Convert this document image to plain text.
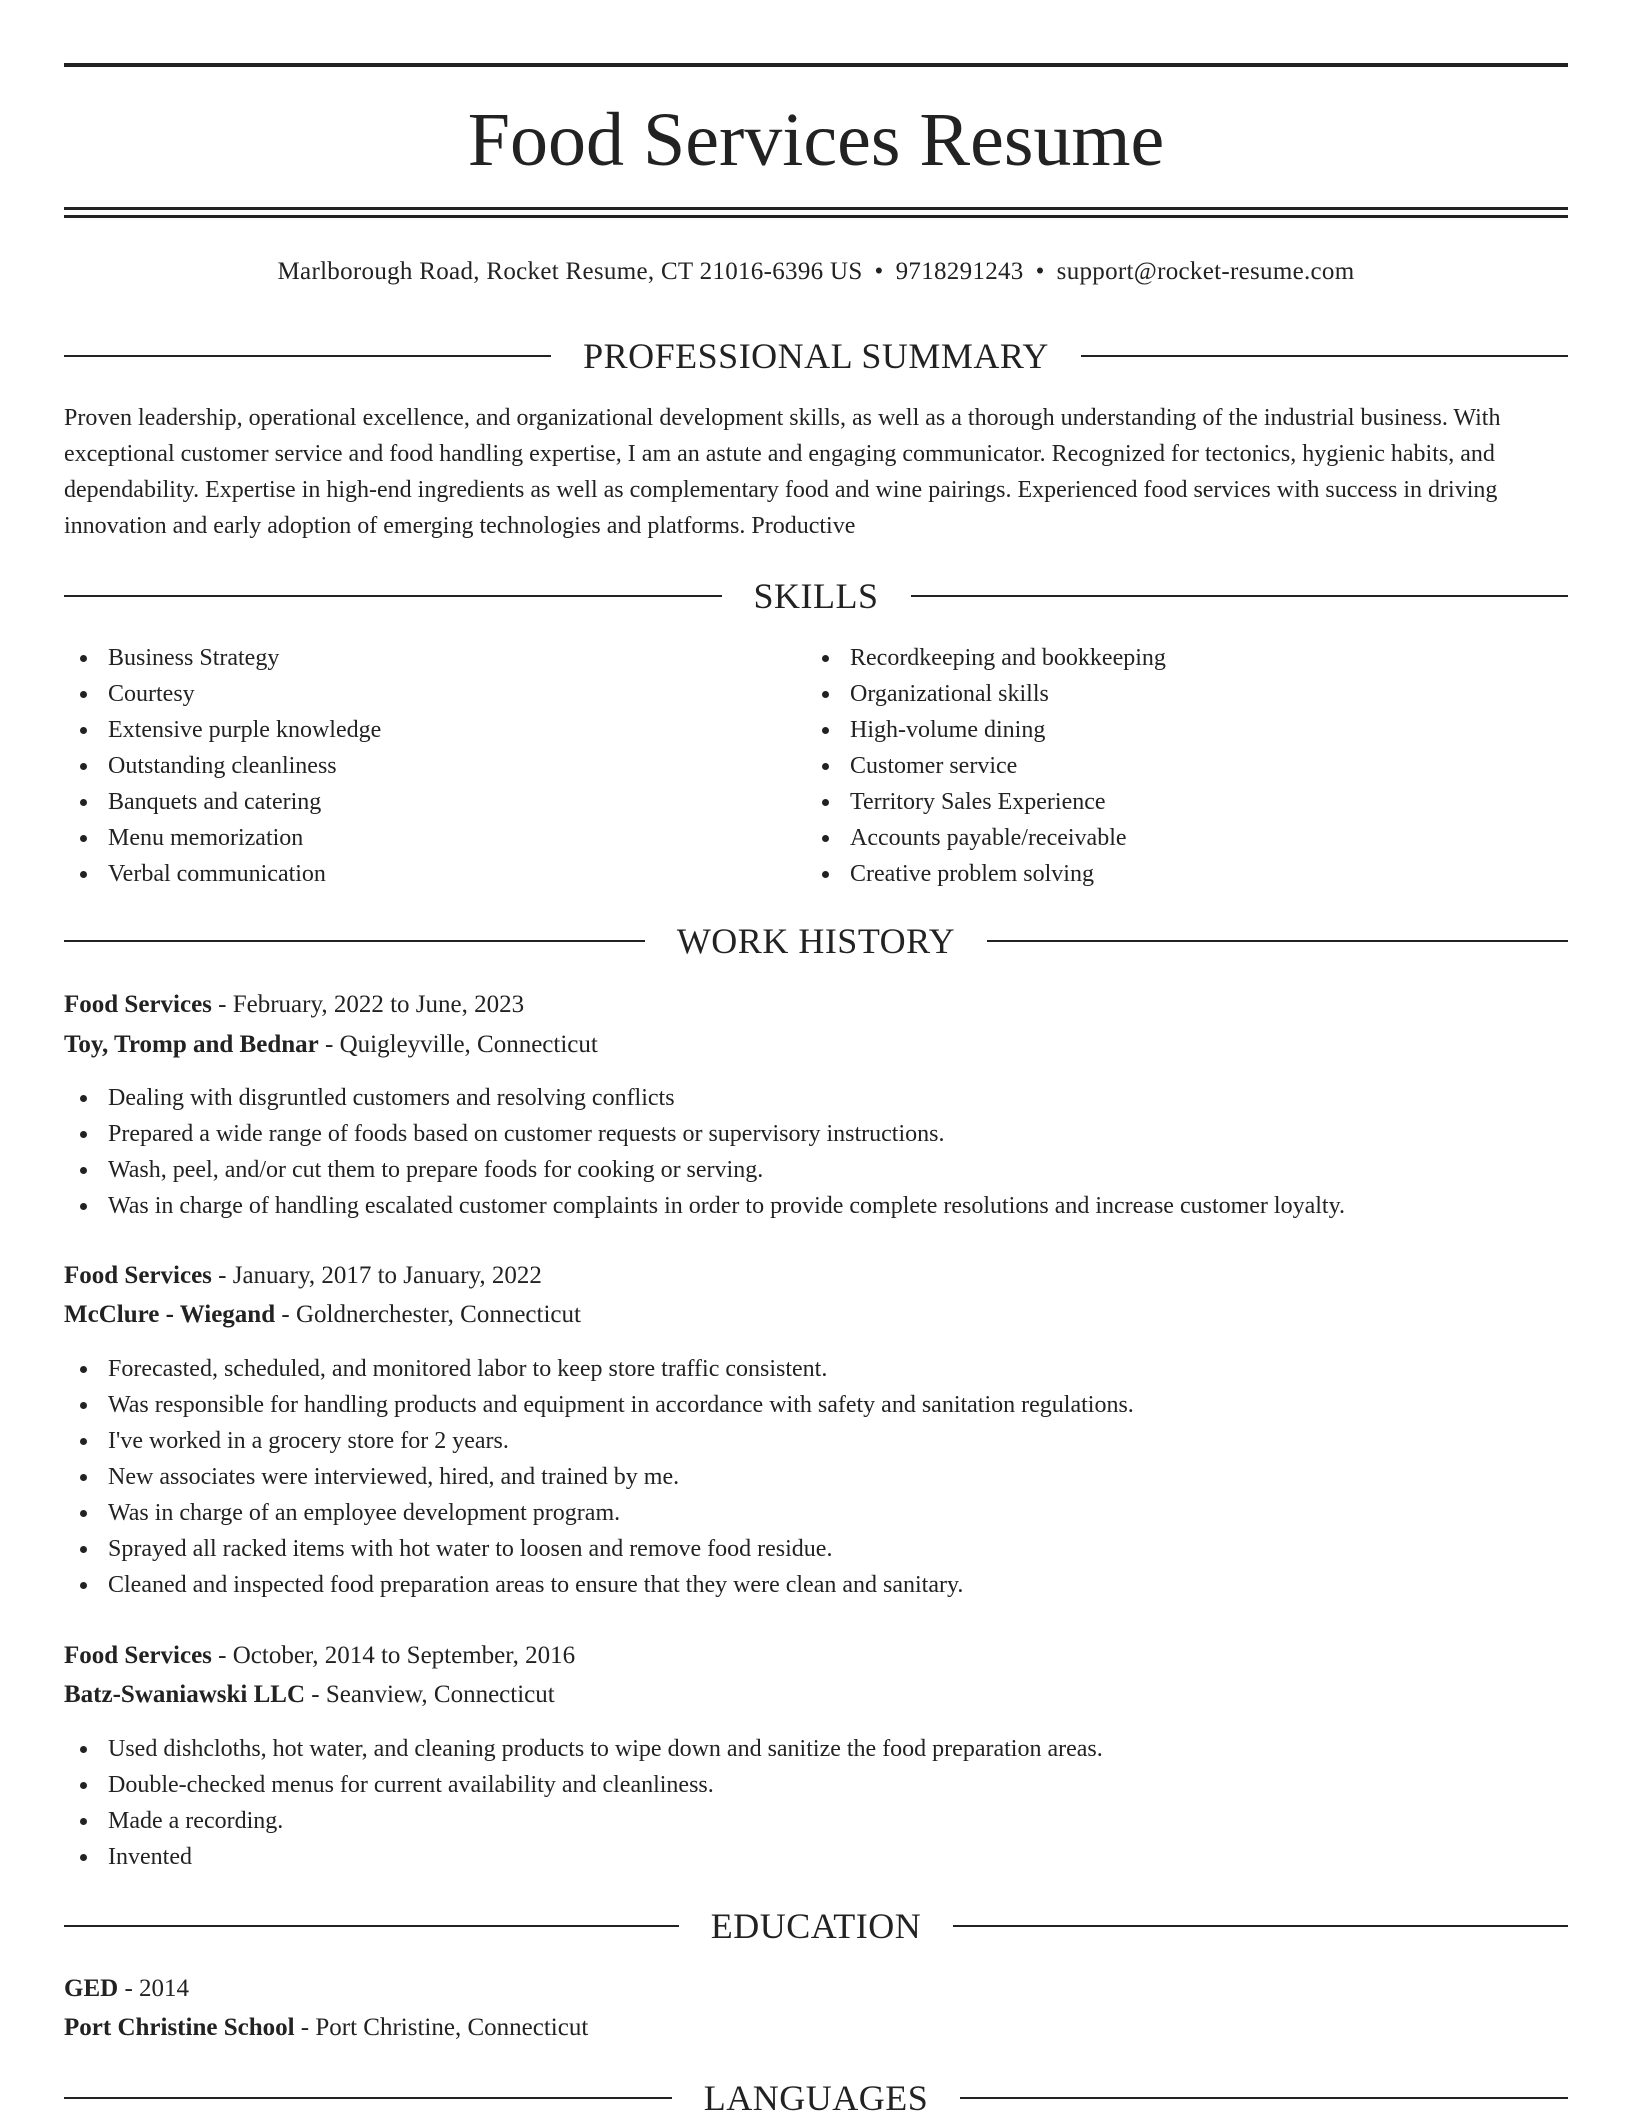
Food Services Resume
Marlborough Road, Rocket Resume, CT 21016-6396 US • 9718291243 • support@rocket-resume.com
PROFESSIONAL SUMMARY
Proven leadership, operational excellence, and organizational development skills, as well as a thorough understanding of the industrial business. With exceptional customer service and food handling expertise, I am an astute and engaging communicator. Recognized for tectonics, hygienic habits, and dependability. Expertise in high-end ingredients as well as complementary food and wine pairings. Experienced food services with success in driving innovation and early adoption of emerging technologies and platforms. Productive
SKILLS
Business Strategy
Courtesy
Extensive purple knowledge
Outstanding cleanliness
Banquets and catering
Menu memorization
Verbal communication
Recordkeeping and bookkeeping
Organizational skills
High-volume dining
Customer service
Territory Sales Experience
Accounts payable/receivable
Creative problem solving
WORK HISTORY
Food Services - February, 2022 to June, 2023
Toy, Tromp and Bednar - Quigleyville, Connecticut
Dealing with disgruntled customers and resolving conflicts
Prepared a wide range of foods based on customer requests or supervisory instructions.
Wash, peel, and/or cut them to prepare foods for cooking or serving.
Was in charge of handling escalated customer complaints in order to provide complete resolutions and increase customer loyalty.
Food Services - January, 2017 to January, 2022
McClure - Wiegand - Goldnerchester, Connecticut
Forecasted, scheduled, and monitored labor to keep store traffic consistent.
Was responsible for handling products and equipment in accordance with safety and sanitation regulations.
I've worked in a grocery store for 2 years.
New associates were interviewed, hired, and trained by me.
Was in charge of an employee development program.
Sprayed all racked items with hot water to loosen and remove food residue.
Cleaned and inspected food preparation areas to ensure that they were clean and sanitary.
Food Services - October, 2014 to September, 2016
Batz-Swaniawski LLC - Seanview, Connecticut
Used dishcloths, hot water, and cleaning products to wipe down and sanitize the food preparation areas.
Double-checked menus for current availability and cleanliness.
Made a recording.
Invented
EDUCATION
GED - 2014
Port Christine School - Port Christine, Connecticut
LANGUAGES
